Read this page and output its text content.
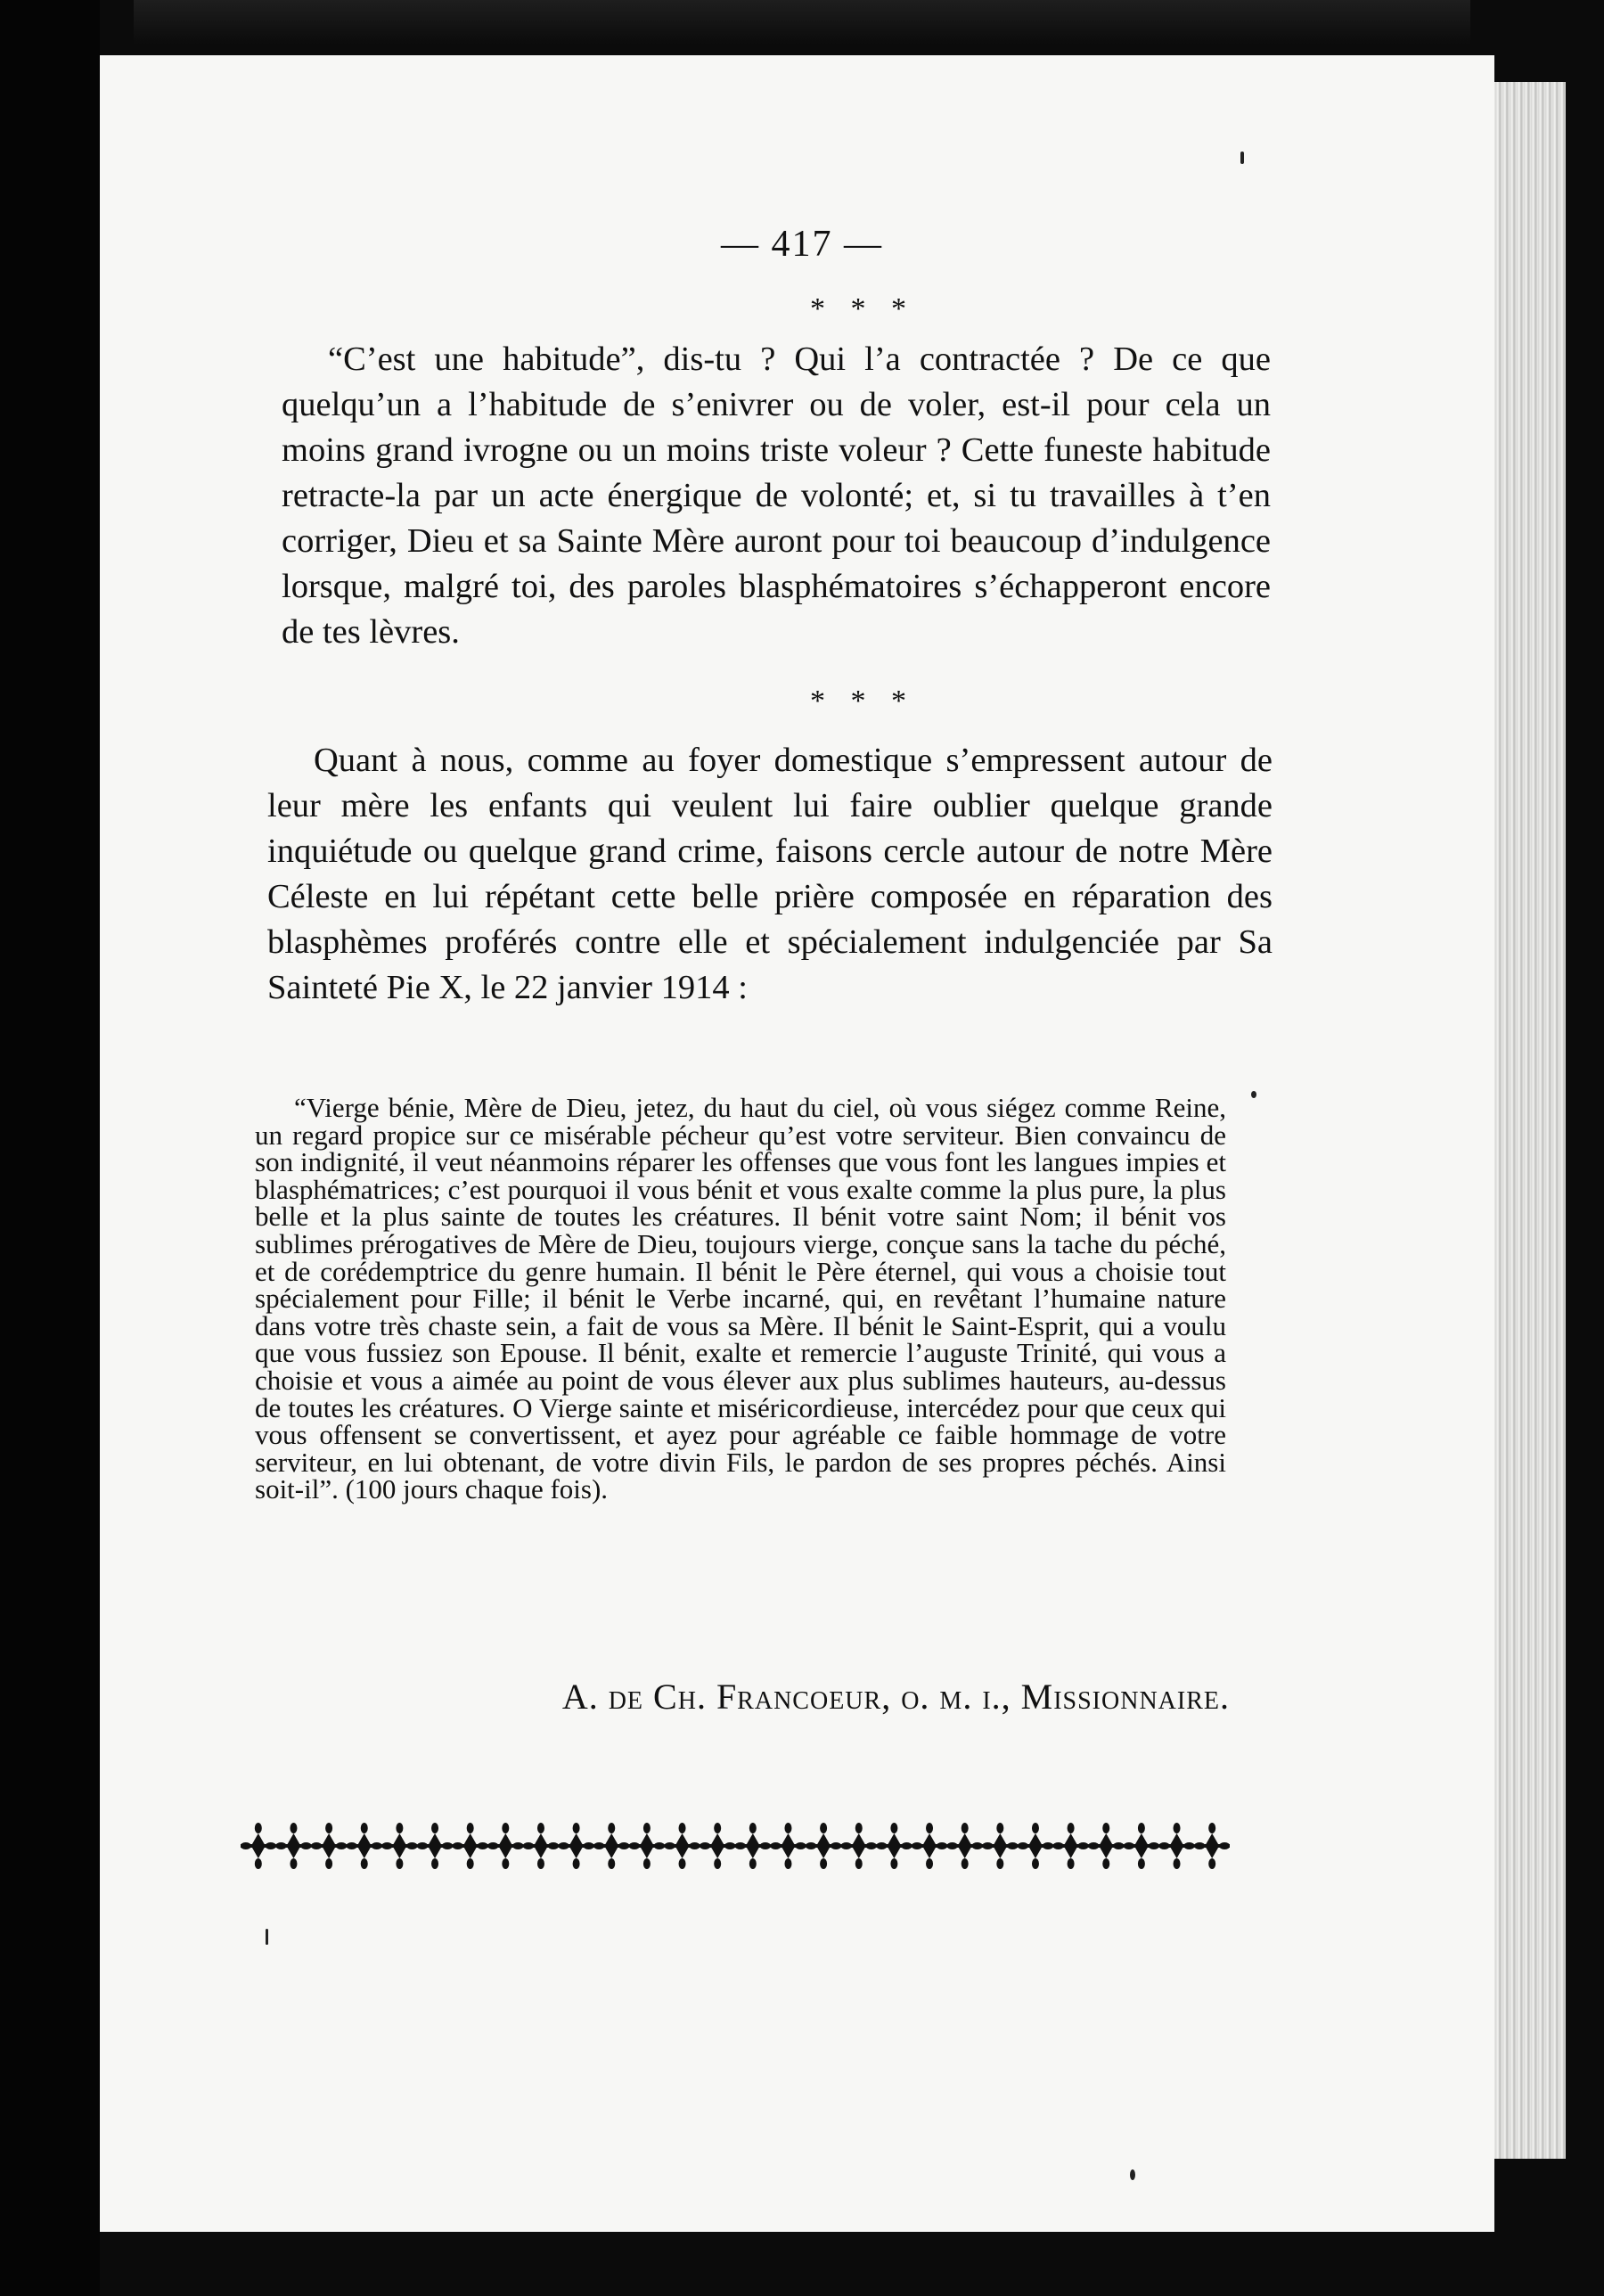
— 417 —

* * *

“C’est une habitude”, dis-tu ? Qui l’a contractée ? De ce que quelqu’un a l’habitude de s’enivrer ou de voler, est-il pour cela un moins grand ivrogne ou un moins triste voleur ? Cette funeste habitude retracte-la par un acte énergique de volonté; et, si tu travailles à t’en corriger, Dieu et sa Sainte Mère auront pour toi beaucoup d’indulgence lorsque, malgré toi, des paroles blasphématoires s’échapperont encore de tes lèvres.

* * *

Quant à nous, comme au foyer domestique s’empressent autour de leur mère les enfants qui veulent lui faire oublier quelque grande inquiétude ou quelque grand crime, faisons cercle autour de notre Mère Céleste en lui répétant cette belle prière composée en réparation des blasphèmes proférés contre elle et spécialement indulgenciée par Sa Sainteté Pie X, le 22 janvier 1914 :

“Vierge bénie, Mère de Dieu, jetez, du haut du ciel, où vous siégez comme Reine, un regard propice sur ce misérable pécheur qu’est votre serviteur. Bien convaincu de son indignité, il veut néanmoins réparer les offenses que vous font les langues impies et blasphématrices; c’est pourquoi il vous bénit et vous exalte comme la plus pure, la plus belle et la plus sainte de toutes les créatures. Il bénit votre saint Nom; il bénit vos sublimes prérogatives de Mère de Dieu, toujours vierge, conçue sans la tache du péché, et de corédemptrice du genre humain. Il bénit le Père éternel, qui vous a choisie tout spécialement pour Fille; il bénit le Verbe incarné, qui, en revêtant l’humaine nature dans votre très chaste sein, a fait de vous sa Mère. Il bénit le Saint-Esprit, qui a voulu que vous fussiez son Epouse. Il bénit, exalte et remercie l’auguste Trinité, qui vous a choisie et vous a aimée au point de vous élever aux plus sublimes hauteurs, au-dessus de toutes les créatures. O Vierge sainte et miséricordieuse, intercédez pour que ceux qui vous offensent se convertissent, et ayez pour agréable ce faible hommage de votre serviteur, en lui obtenant, de votre divin Fils, le pardon de ses propres péchés. Ainsi soit-il”. (100 jours chaque fois).

A. de Ch. Francoeur, o. m. i., Missionnaire.
